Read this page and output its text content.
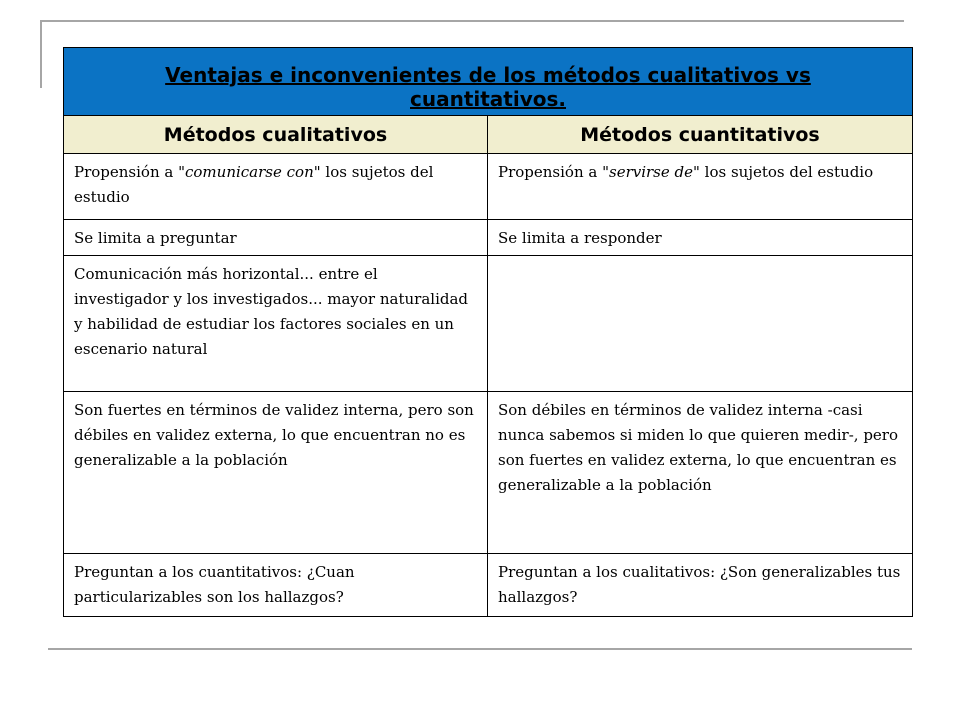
Ventajas e inconvenientes de los métodos cualitativos vs cuantitativos.	

Métodos cualitativos	Métodos cuantitativos
Propensión a "comunicarse con" los sujetos del estudio	Propensión a "servirse de" los sujetos del estudio
Se limita a preguntar	Se limita a responder
Comunicación más horizontal... entre el investigador y los investigados... mayor naturalidad y habilidad de estudiar los factores sociales en un escenario natural	
Son fuertes en términos de validez interna, pero son débiles en validez externa, lo que encuentran no es generalizable a la población	Son débiles en términos de validez interna -casi nunca sabemos si miden lo que quieren medir-, pero son fuertes en validez externa, lo que encuentran es generalizable a la población
Preguntan a los cuantitativos: ¿Cuan particularizables son los hallazgos?	Preguntan a los cualitativos: ¿Son generalizables tus hallazgos?
